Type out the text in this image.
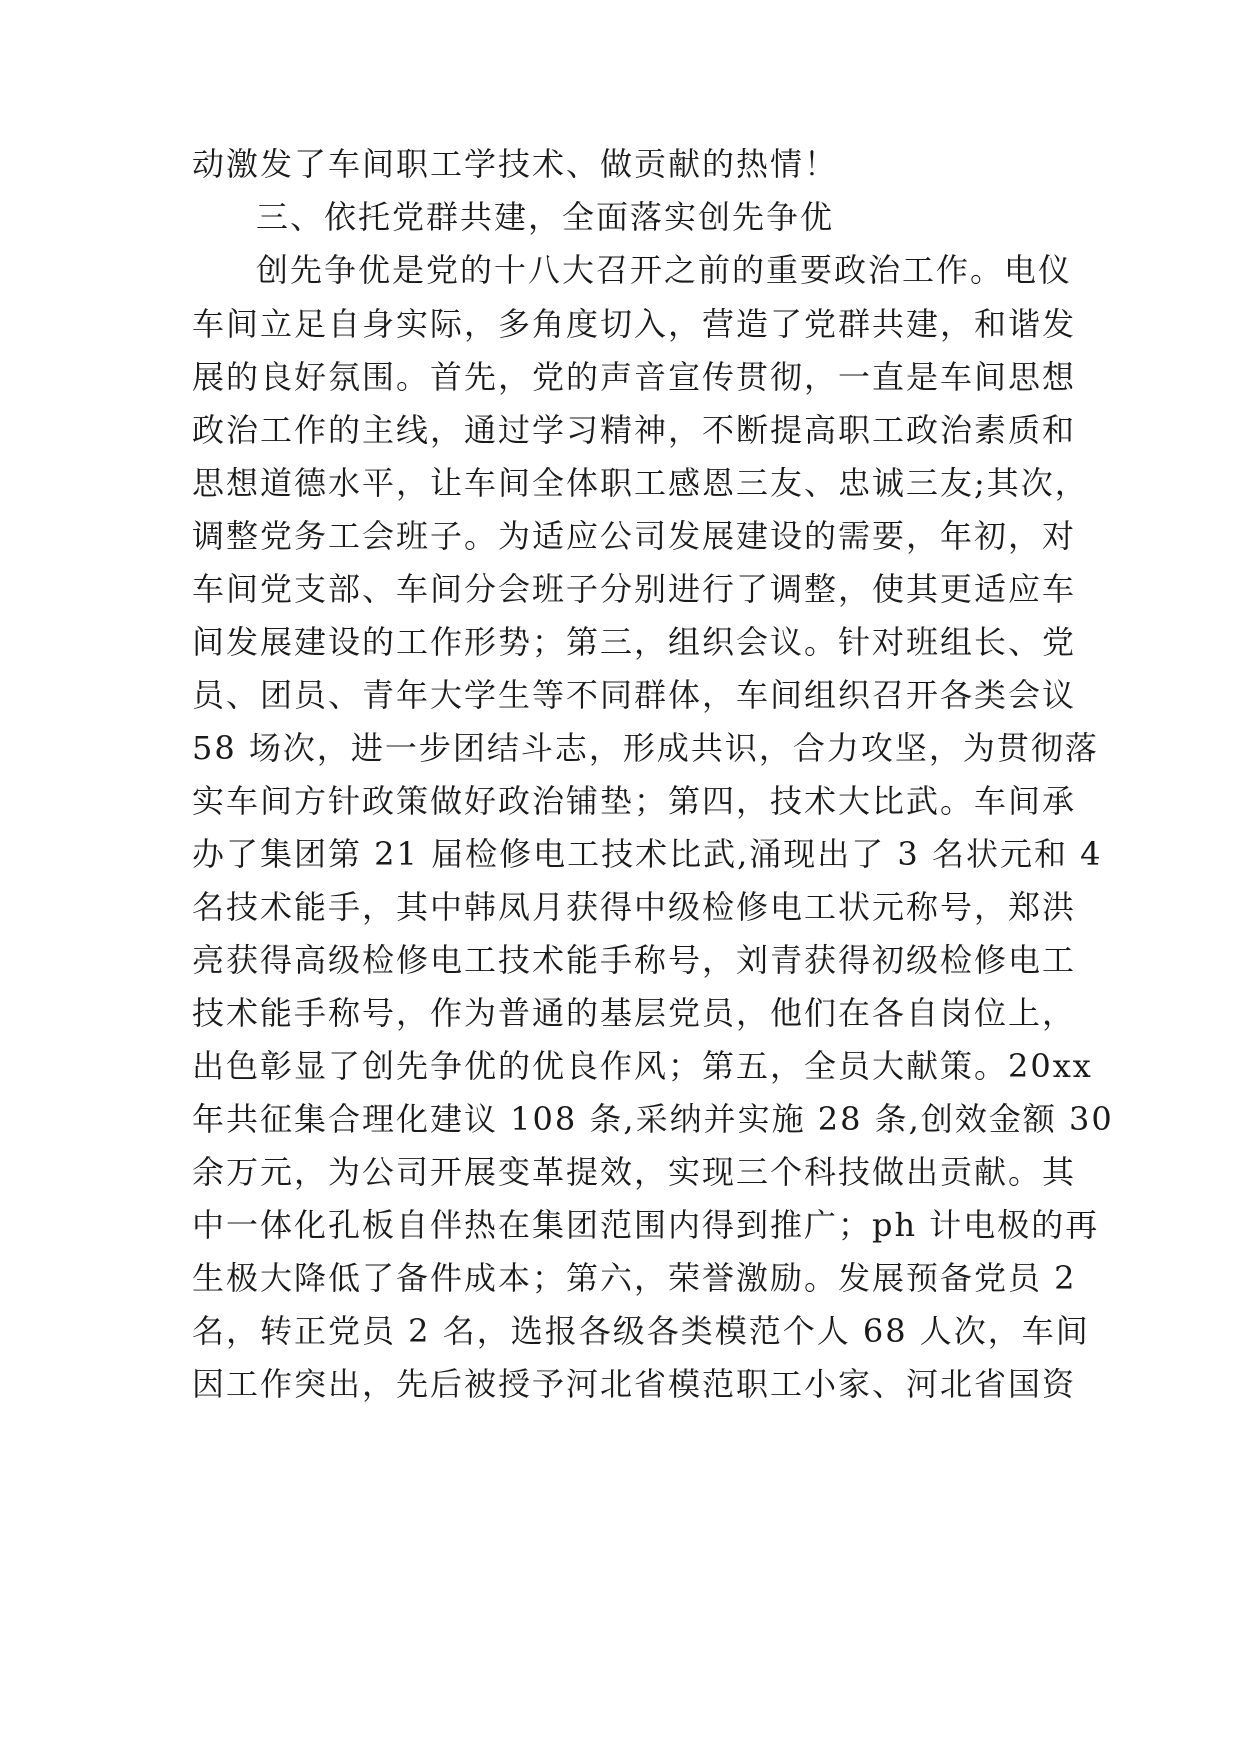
动激发了车间职工学技术、做贡献的热情！
三、依托党群共建，全面落实创先争优
创先争优是党的十八大召开之前的重要政治工作。电仪
车间立足自身实际，多角度切入，营造了党群共建，和谐发
展的良好氛围。首先，党的声音宣传贯彻，一直是车间思想
政治工作的主线，通过学习精神，不断提高职工政治素质和
思想道德水平，让车间全体职工感恩三友、忠诚三友;其次，
调整党务工会班子。为适应公司发展建设的需要，年初，对
车间党支部、车间分会班子分别进行了调整，使其更适应车
间发展建设的工作形势；第三，组织会议。针对班组长、党
员、团员、青年大学生等不同群体，车间组织召开各类会议
58 场次，进一步团结斗志，形成共识，合力攻坚，为贯彻落
实车间方针政策做好政治铺垫；第四，技术大比武。车间承
办了集团第 21 届检修电工技术比武,涌现出了 3 名状元和 4
名技术能手，其中韩凤月获得中级检修电工状元称号，郑洪
亮获得高级检修电工技术能手称号，刘青获得初级检修电工
技术能手称号，作为普通的基层党员，他们在各自岗位上，
出色彰显了创先争优的优良作风；第五，全员大献策。20xx
年共征集合理化建议 108 条,采纳并实施 28 条,创效金额 30
余万元，为公司开展变革提效，实现三个科技做出贡献。其
中一体化孔板自伴热在集团范围内得到推广；ph 计电极的再
生极大降低了备件成本；第六，荣誉激励。发展预备党员 2
名，转正党员 2 名，选报各级各类模范个人 68 人次，车间
因工作突出，先后被授予河北省模范职工小家、河北省国资
